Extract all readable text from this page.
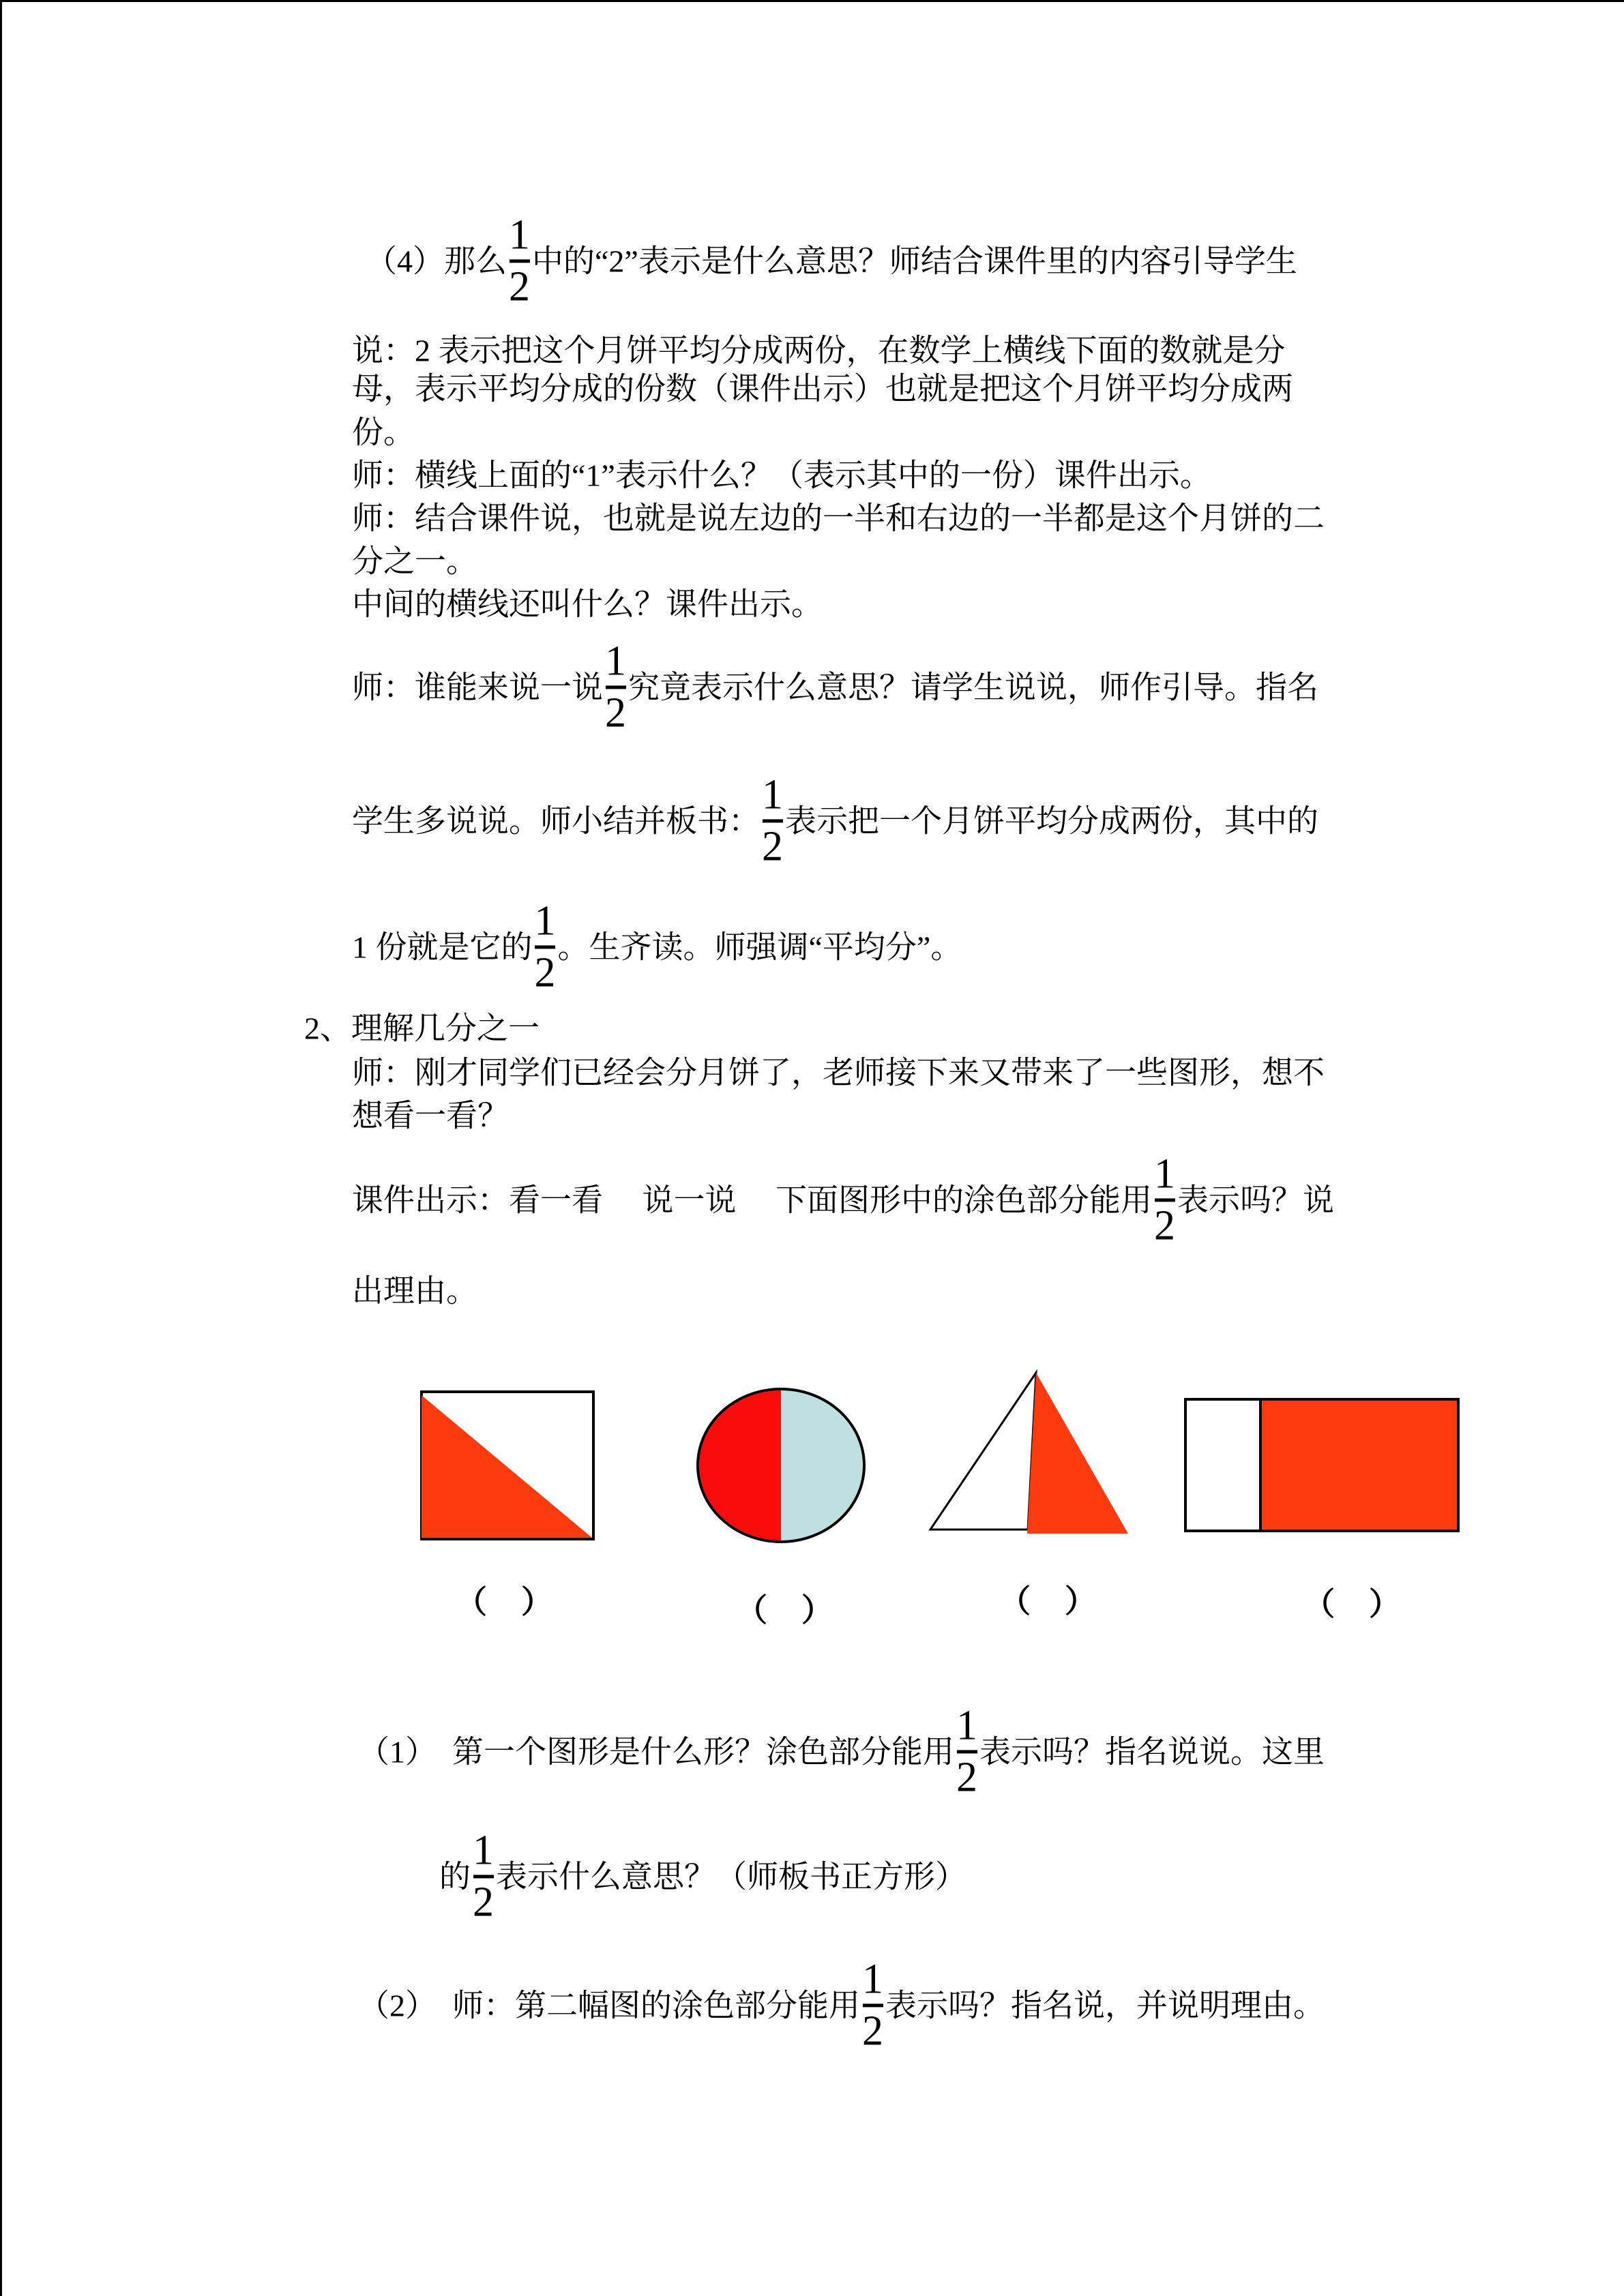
（4）那么
1
2
中的“2”表示是什么意思？师结合课件里的内容引导学生
说：2 表示把这个月饼平均分成两份，在数学上横线下面的数就是分
母，表示平均分成的份数（课件出示）也就是把这个月饼平均分成两
份。
师：横线上面的“1”表示什么？（表示其中的一份）课件出示。
师：结合课件说，也就是说左边的一半和右边的一半都是这个月饼的二
分之一。
中间的横线还叫什么？课件出示。
师：谁能来说一说
1
2
究竟表示什么意思？请学生说说，师作引导。指名
学生多说说。师小结并板书：
1
2
表示把一个月饼平均分成两份，其中的
1 份就是它的
1
2
。生齐读。师强调“平均分”。
2、理解几分之一
师：刚才同学们已经会分月饼了，老师接下来又带来了一些图形，想不
想看一看？
课件出示：看一看　 说一说　 下面图形中的涂色部分能用
1
2
表示吗？说
出理由。
（　）	（　）	（　）	（　）
（1）　第一个图形是什么形？涂色部分能用
1
2
表示吗？指名说说。这里
的
1
2
表示什么意思？（师板书正方形）
（2）　师：第二幅图的涂色部分能用
1
2
表示吗？指名说，并说明理由。
